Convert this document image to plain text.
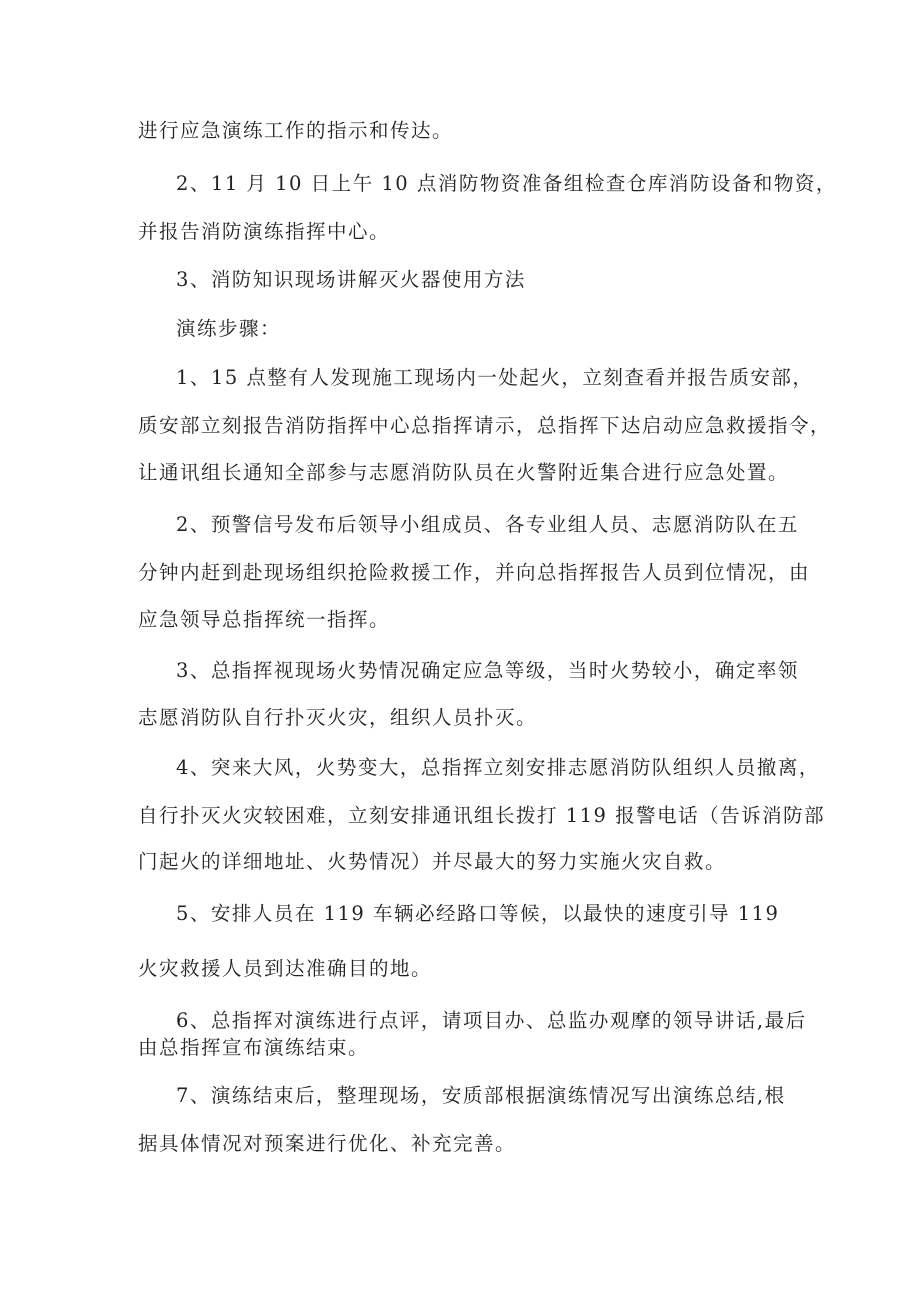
进行应急演练工作的指示和传达。

2、11 月 10 日上午 10 点消防物资准备组检查仓库消防设备和物资，

并报告消防演练指挥中心。

3、消防知识现场讲解灭火器使用方法

演练步骤：

1、15 点整有人发现施工现场内一处起火，立刻查看并报告质安部，

质安部立刻报告消防指挥中心总指挥请示，总指挥下达启动应急救援指令，

让通讯组长通知全部参与志愿消防队员在火警附近集合进行应急处置。

2、预警信号发布后领导小组成员、各专业组人员、志愿消防队在五

分钟内赶到赴现场组织抢险救援工作，并向总指挥报告人员到位情况，由

应急领导总指挥统一指挥。

3、总指挥视现场火势情况确定应急等级，当时火势较小，确定率领

志愿消防队自行扑灭火灾，组织人员扑灭。

4、突来大风，火势变大，总指挥立刻安排志愿消防队组织人员撤离，

自行扑灭火灾较困难，立刻安排通讯组长拨打 119 报警电话（告诉消防部

门起火的详细地址、火势情况）并尽最大的努力实施火灾自救。

5、安排人员在 119 车辆必经路口等候，以最快的速度引导 119

火灾救援人员到达准确目的地。

6、总指挥对演练进行点评，请项目办、总监办观摩的领导讲话,最后

由总指挥宣布演练结束。

7、演练结束后，整理现场，安质部根据演练情况写出演练总结,根

据具体情况对预案进行优化、补充完善。
